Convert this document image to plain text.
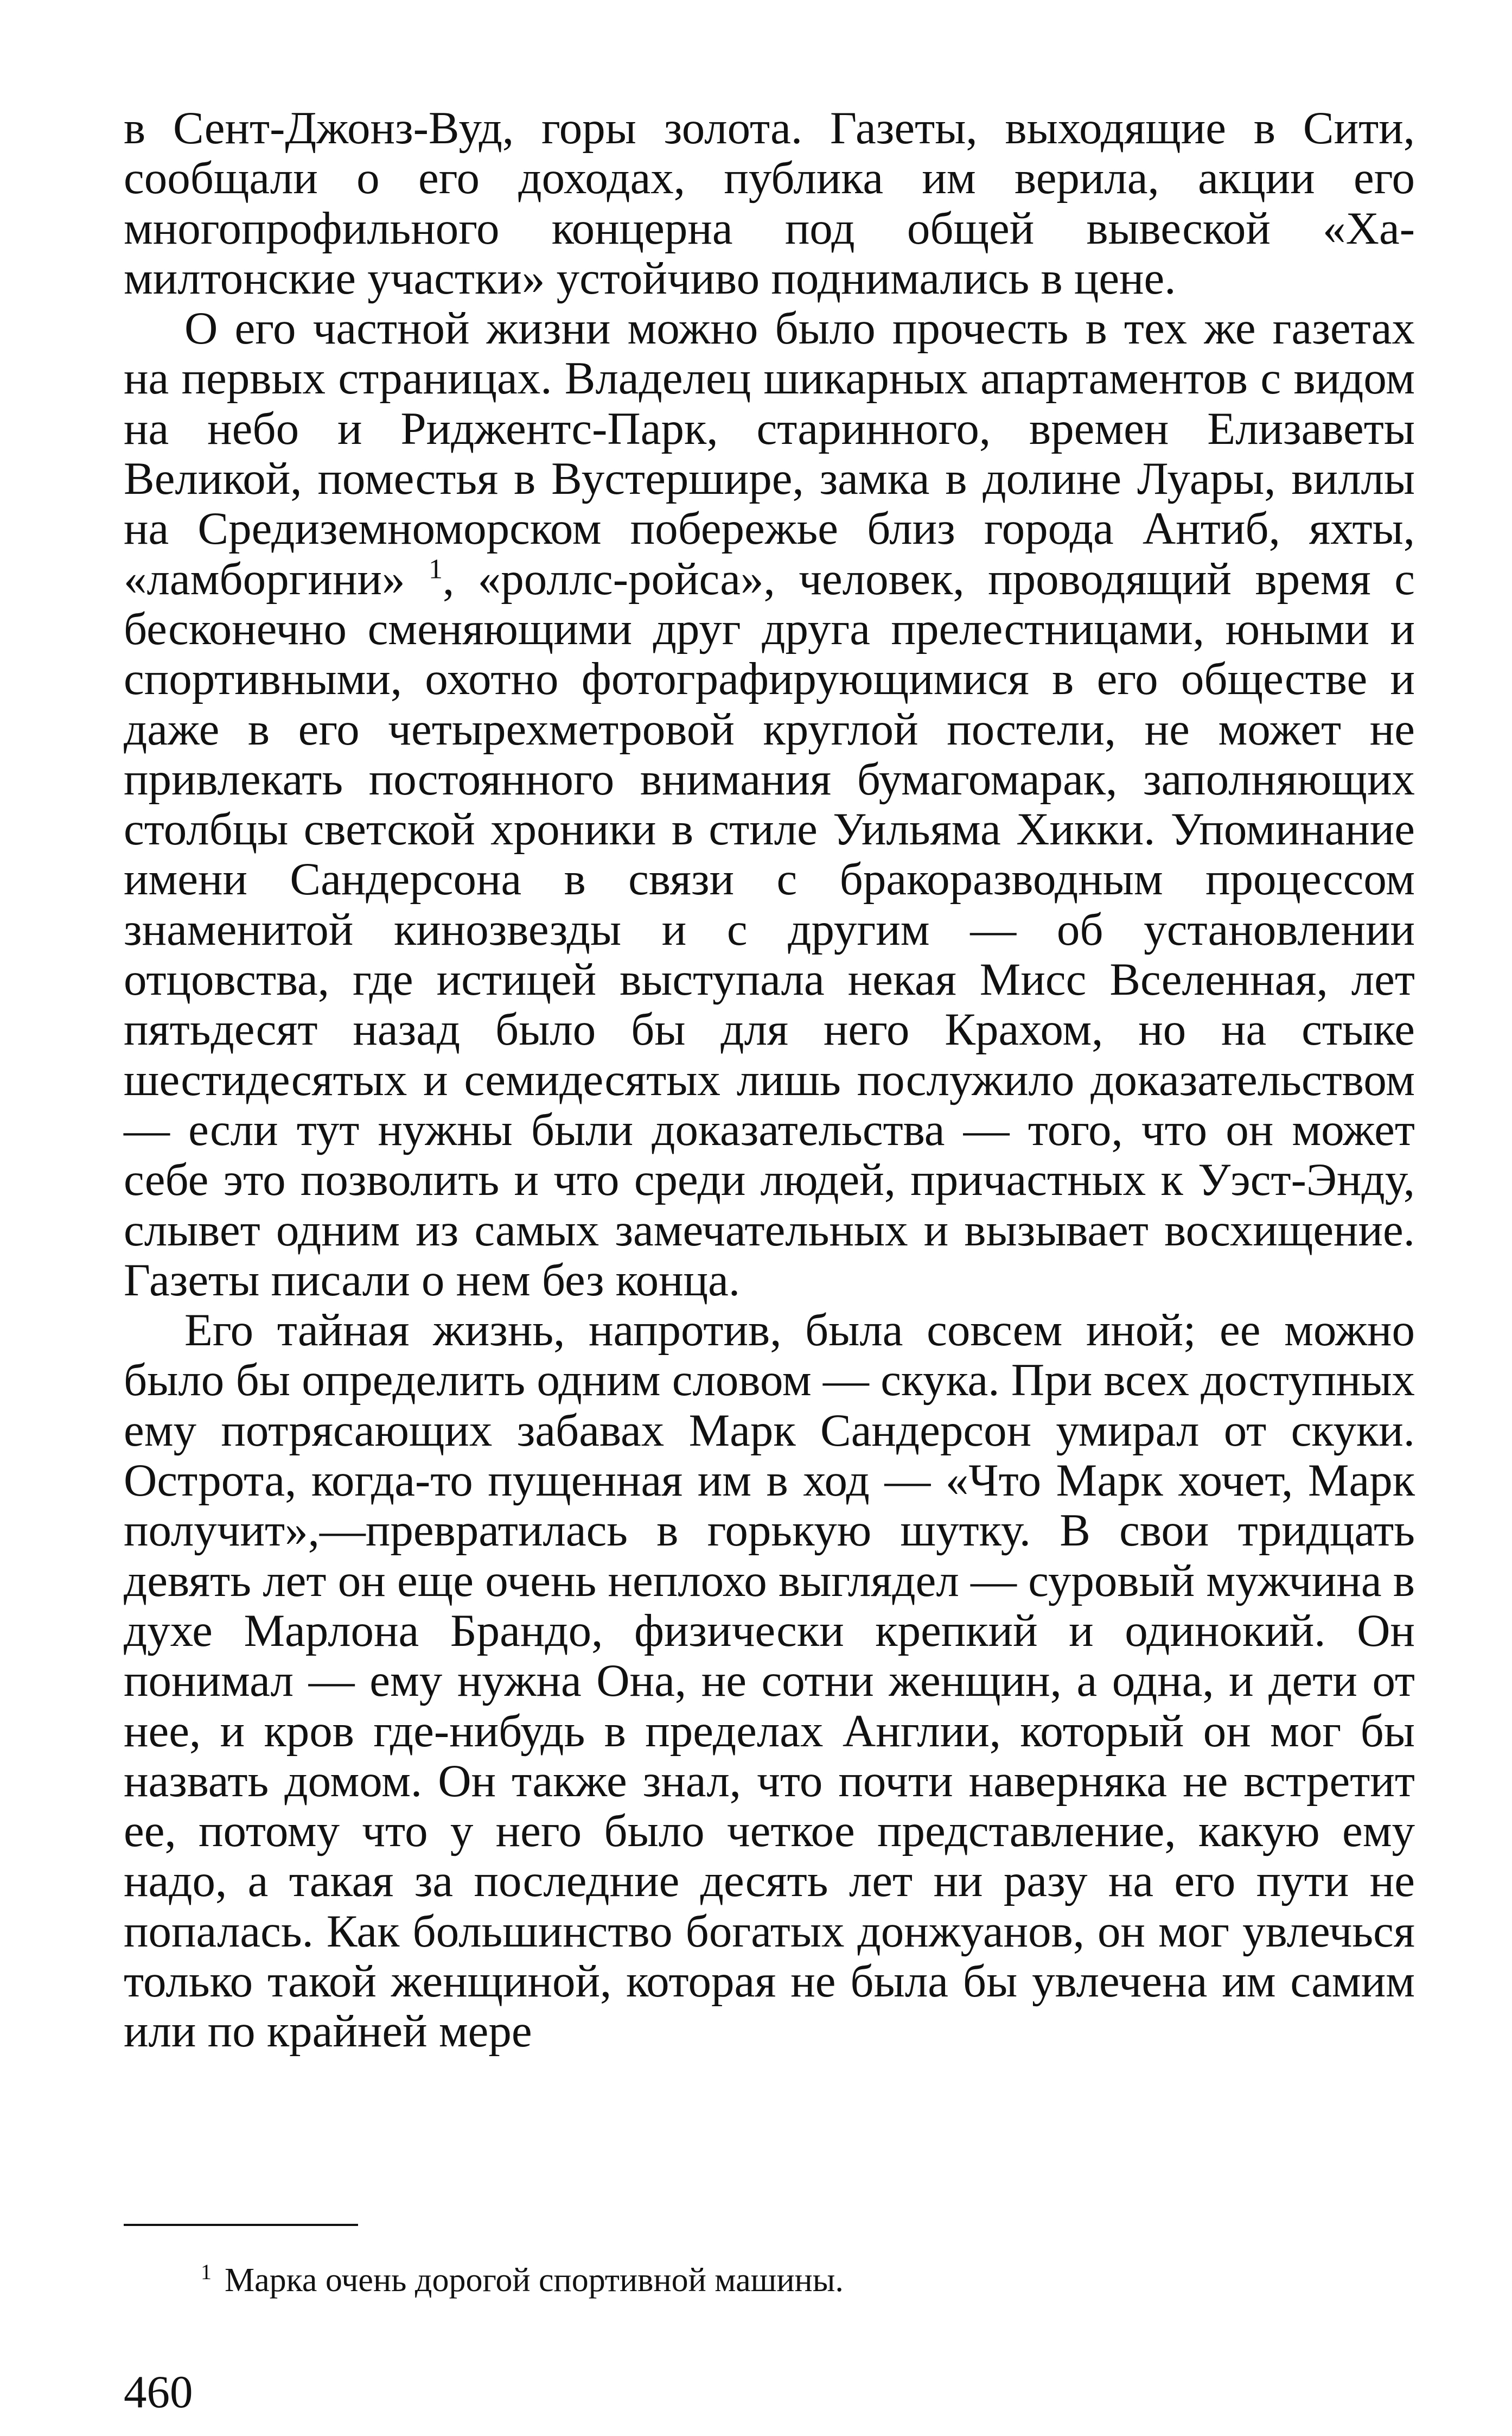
в Сент-Джонз-Вуд, горы золота. Газеты, выходящие в Сити, сообщали о его доходах, публика им верила, акции его многопрофильного концерна под общей вывеской «Хамилтонские участки» устойчиво поднимались в цене.

О его частной жизни можно было прочесть в тех же газетах на первых страницах. Владелец шикарных апартаментов с видом на небо и Риджентс-Парк, старинного, времен Елизаветы Великой, поместья в Вустершире, замка в долине Луары, виллы на Средиземноморском побережье близ города Антиб, яхты, «ламборгини» $^1$, «роллс-ройса», человек, проводящий время с бесконечно сменяющими друг друга прелестницами, юными и спортивными, охотно фотографирующимися в его обществе и даже в его четырехметровой круглой постели, не может не привлекать постоянного внимания бумагомарак, заполняющих столбцы светской хроники в стиле Уильяма Хикки. Упоминание имени Сандерсона в связи с бракоразводным процессом знаменитой кинозвезды и с другим — об установлении отцовства, где истицей выступала некая Мисс Вселенная, лет пятьдесят назад было бы для него Крахом, но на стыке шестидесятых и семидесятых лишь послужило доказательством — если тут нужны были доказательства — того, что он может себе это позволить и что среди людей, причастных к Уэст-Энду, слывет одним из самых замечательных и вызывает восхищение. Газеты писали о нем без конца.

Его тайная жизнь, напротив, была совсем иной; ее можно было бы определить одним словом — скука. При всех доступных ему потрясающих забавах Марк Сандерсон умирал от скуки. Острота, когда-то пущенная им в ход — «Что Марк хочет, Марк получит»,—превратилась в горькую шутку. В свои тридцать девять лет он еще очень неплохо выглядел — суровый мужчина в духе Марлона Брандо, физически крепкий и одинокий. Он понимал — ему нужна Она, не сотни женщин, а одна, и дети от нее, и кров где-нибудь в пределах Англии, который он мог бы назвать домом. Он также знал, что почти наверняка не встретит ее, потому что у него было четкое представление, какую ему надо, а такая за последние десять лет ни разу на его пути не попалась. Как большинство богатых донжуанов, он мог увлечься только такой женщиной, которая не была бы увлечена им самим или по крайней мере

$^1$ Марка очень дорогой спортивной машины.
460
